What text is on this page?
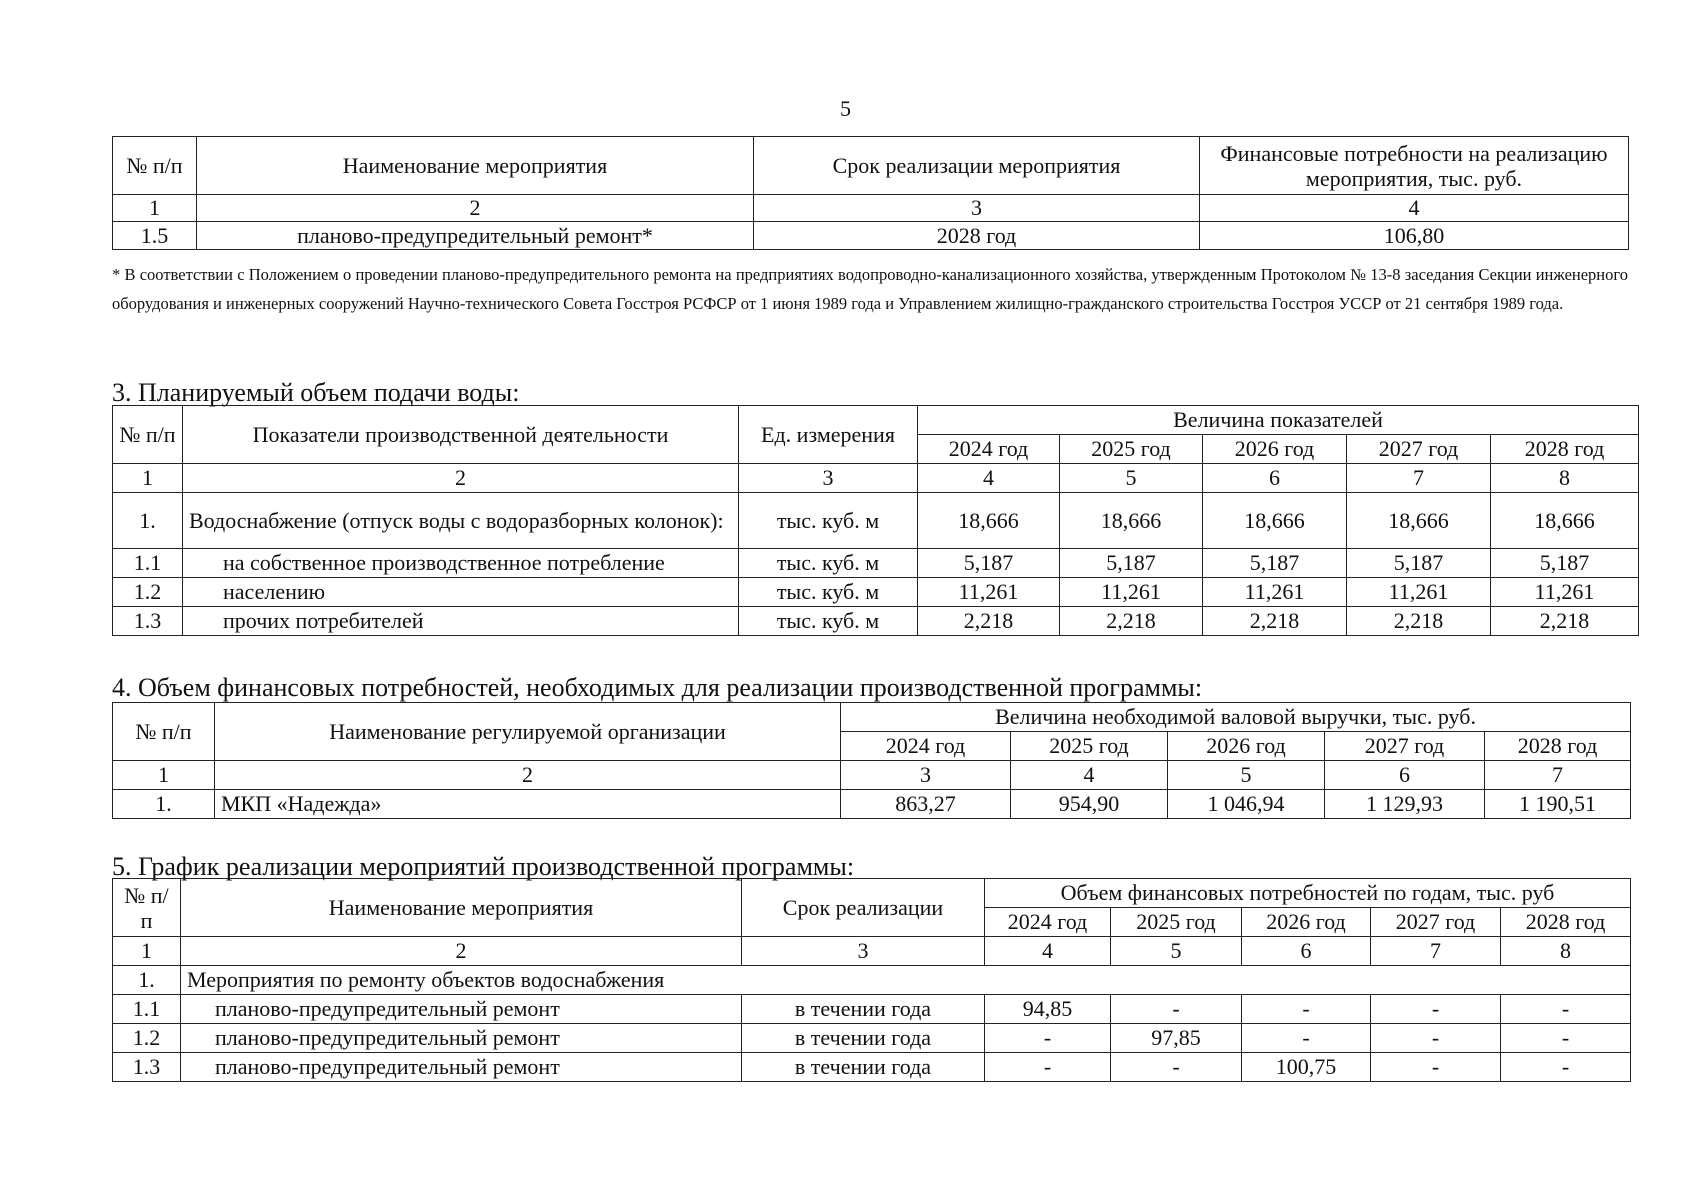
5
№ п/п	Наименование мероприятия	Срок реализации мероприятия	Финансовые потребности на реализацию мероприятия, тыс. руб.
1	2	3	4
1.5	планово-предупредительный ремонт*	2028 год	106,80
* В соответствии с Положением о проведении планово-предупредительного ремонта на предприятиях водопроводно-канализационного хозяйства, утвержденным Протоколом № 13-8 заседания Секции инженерного оборудования и инженерных сооружений Научно-технического Совета Госстроя РСФСР от 1 июня 1989 года и Управлением жилищно-гражданского строительства Госстроя УССР от 21 сентября 1989 года.
3. Планируемый объем подачи воды:
№ п/п	Показатели производственной деятельности	Ед. измерения	Величина показателей				
			2024 год	2025 год	2026 год	2027 год	2028 год
1	2	3	4	5	6	7	8
1.	Водоснабжение (отпуск воды с водоразборных колонок):	тыс. куб. м	18,666	18,666	18,666	18,666	18,666
1.1	на собственное производственное потребление	тыс. куб. м	5,187	5,187	5,187	5,187	5,187
1.2	населению	тыс. куб. м	11,261	11,261	11,261	11,261	11,261
1.3	прочих потребителей	тыс. куб. м	2,218	2,218	2,218	2,218	2,218
4. Объем финансовых потребностей, необходимых для реализации производственной программы:
№ п/п	Наименование регулируемой организации	Величина необходимой валовой выручки, тыс. руб.				
		2024 год	2025 год	2026 год	2027 год	2028 год
1	2	3	4	5	6	7
1.	МКП «Надежда»	863,27	954,90	1 046,94	1 129,93	1 190,51
5. График реализации мероприятий производственной программы:
№ п/п	Наименование мероприятия	Срок реализации	Объем финансовых потребностей по годам, тыс. руб				
			2024 год	2025 год	2026 год	2027 год	2028 год
1	2	3	4	5	6	7	8
1.	Мероприятия по ремонту объектов водоснабжения						
1.1	планово-предупредительный ремонт	в течении года	94,85	-	-	-	-
1.2	планово-предупредительный ремонт	в течении года	-	97,85	-	-	-
1.3	планово-предупредительный ремонт	в течении года	-	-	100,75	-	-
